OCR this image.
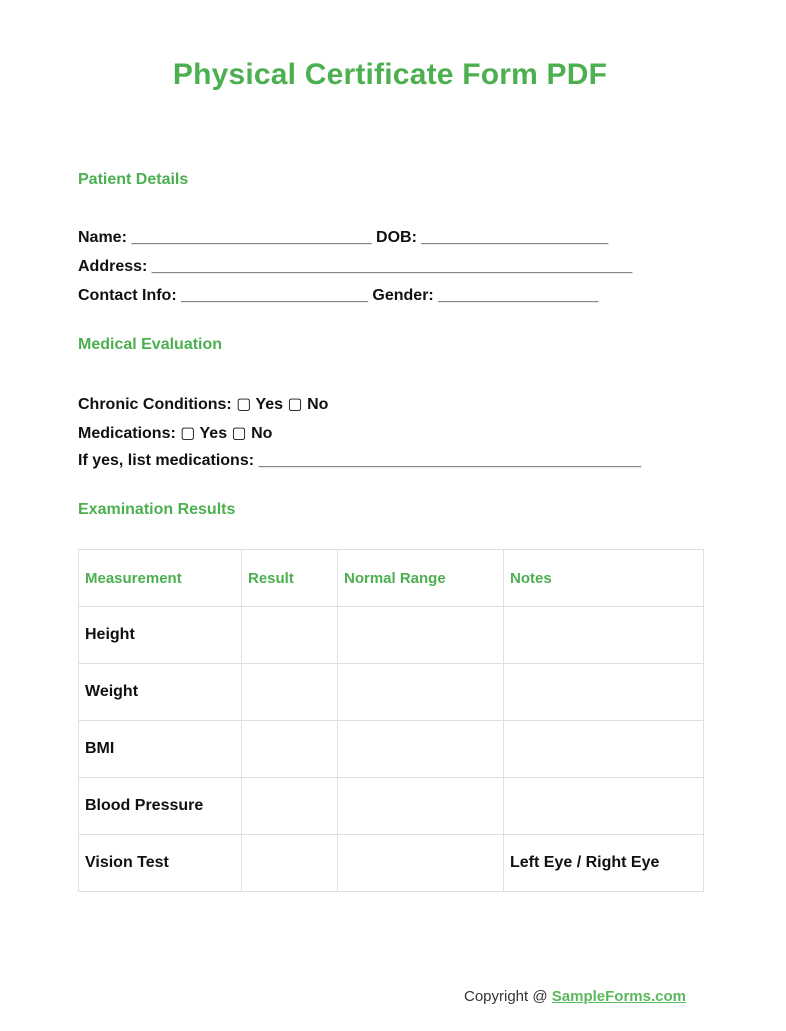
Physical Certificate Form PDF
Patient Details
Name: ___________________________ DOB: _____________________
Address: ______________________________________________________
Contact Info: _____________________ Gender: __________________
Medical Evaluation
Chronic Conditions: ▢ Yes ▢ No
Medications: ▢ Yes ▢ No
If yes, list medications: ___________________________________________
Examination Results
Measurement	Result	Normal Range	Notes
Height			
Weight			
BMI			
Blood Pressure			
Vision Test			Left Eye / Right Eye
Copyright @ SampleForms.com
